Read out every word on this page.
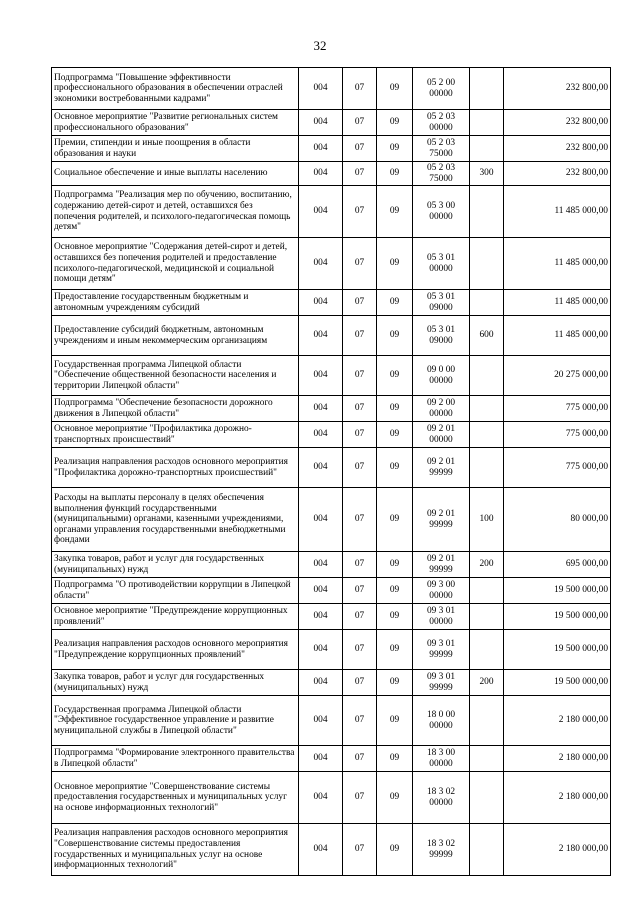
32
Подпрограмма "Повышение эффективности профессионального образования в обеспечении отраслей экономики востребованными кадрами"	004	07	09	05 2 00 00000		232 800,00
Основное мероприятие "Развитие региональных систем профессионального образования"	004	07	09	05 2 03 00000		232 800,00
Премии, стипендии и иные поощрения в области образования и науки	004	07	09	05 2 03 75000		232 800,00
Социальное обеспечение и иные выплаты населению	004	07	09	05 2 03 75000	300	232 800,00
Подпрограмма "Реализация мер по обучению, воспитанию, содержанию детей-сирот и детей, оставшихся без попечения родителей, и психолого-педагогическая помощь детям"	004	07	09	05 3 00 00000		11 485 000,00
Основное мероприятие "Содержания детей-сирот и детей, оставшихся без попечения родителей и предоставление психолого-педагогической, медицинской и социальной помощи детям"	004	07	09	05 3 01 00000		11 485 000,00
Предоставление государственным бюджетным и автономным учреждениям субсидий	004	07	09	05 3 01 09000		11 485 000,00
Предоставление субсидий бюджетным, автономным учреждениям и иным некоммерческим организациям	004	07	09	05 3 01 09000	600	11 485 000,00
Государственная программа Липецкой области "Обеспечение общественной безопасности населения и территории Липецкой области"	004	07	09	09 0 00 00000		20 275 000,00
Подпрограмма "Обеспечение безопасности дорожного движения в Липецкой области"	004	07	09	09 2 00 00000		775 000,00
Основное мероприятие "Профилактика дорожно-транспортных происшествий"	004	07	09	09 2 01 00000		775 000,00
Реализация направления расходов основного мероприятия "Профилактика дорожно-транспортных происшествий"	004	07	09	09 2 01 99999		775 000,00
Расходы на выплаты персоналу в целях обеспечения выполнения функций государственными (муниципальными) органами, казенными учреждениями, органами управления государственными внебюджетными фондами	004	07	09	09 2 01 99999	100	80 000,00
Закупка товаров, работ и услуг для государственных (муниципальных) нужд	004	07	09	09 2 01 99999	200	695 000,00
Подпрограмма "О противодействии коррупции в Липецкой области"	004	07	09	09 3 00 00000		19 500 000,00
Основное мероприятие "Предупреждение коррупционных проявлений"	004	07	09	09 3 01 00000		19 500 000,00
Реализация направления расходов основного мероприятия "Предупреждение коррупционных проявлений"	004	07	09	09 3 01 99999		19 500 000,00
Закупка товаров, работ и услуг для государственных (муниципальных) нужд	004	07	09	09 3 01 99999	200	19 500 000,00
Государственная программа Липецкой области "Эффективное государственное управление и развитие муниципальной службы в Липецкой области"	004	07	09	18 0 00 00000		2 180 000,00
Подпрограмма "Формирование электронного правительства в Липецкой области"	004	07	09	18 3 00 00000		2 180 000,00
Основное мероприятие "Совершенствование системы предоставления государственных и муниципальных услуг на основе информационных технологий"	004	07	09	18 3 02 00000		2 180 000,00
Реализация направления расходов основного мероприятия "Совершенствование системы предоставления государственных и муниципальных услуг на основе информационных технологий"	004	07	09	18 3 02 99999		2 180 000,00
